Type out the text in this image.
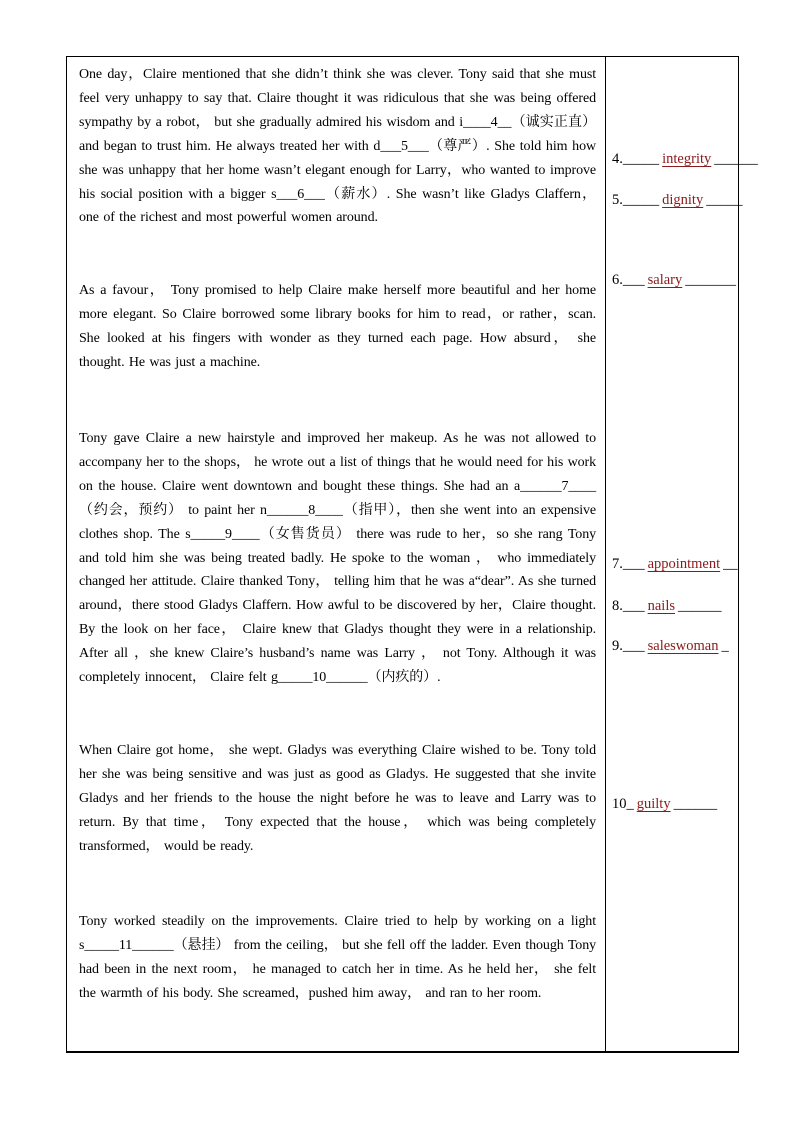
One day，Claire mentioned that she didn’t think she was clever. Tony said that she must feel very unhappy to say that. Claire thought it was ridiculous that she was being offered sympathy by a robot， but she gradually admired his wisdom and i____4__（诚实正直） and began to trust him. He always treated her with d___5___（尊严）. She told him how she was unhappy that her home wasn’t elegant enough for Larry，who wanted to improve his social position with a bigger s___6___（薪水）. She wasn’t like Gladys Claffern， one of the richest and most powerful women around.

As a favour， Tony promised to help Claire make herself more beautiful and her home more elegant. So Claire borrowed some library books for him to read，or rather，scan. She looked at his fingers with wonder as they turned each page. How absurd， she thought. He was just a machine.

Tony gave Claire a new hairstyle and improved her makeup. As he was not allowed to accompany her to the shops， he wrote out a list of things that he would need for his work on the house. Claire went downtown and bought these things. She had an a______7____（约会，预约） to paint her n______8____（指甲），then she went into an expensive clothes shop. The s_____9____（女售货员） there was rude to her，so she rang Tony and told him she was being treated badly. He spoke to the woman ， who immediately changed her attitude. Claire thanked Tony， telling him that he was a“dear”. As she turned around，there stood Gladys Claffern. How awful to be discovered by her，Claire thought. By the look on her face， Claire knew that Gladys thought they were in a relationship. After all ，she knew Claire’s husband’s name was Larry ， not Tony. Although it was completely innocent， Claire felt g_____10______（内疚的）.

When Claire got home， she wept. Gladys was everything Claire wished to be. Tony told her she was being sensitive and was just as good as Gladys. He suggested that she invite Gladys and her friends to the house the night before he was to leave and Larry was to return. By that time， Tony expected that the house， which was being completely transformed， would be ready.

Tony worked steadily on the improvements. Claire tried to help by working on a light s_____11______（悬挂） from the ceiling， but she fell off the ladder. Even though Tony had been in the next room， he managed to catch her in time. As he held her， she felt the warmth of his body. She screamed，pushed him away， and ran to her room.

4._____ integrity ______
5._____ dignity _____
6.___ salary _______
7.___ appointment __
8.___ nails ______
9.___ saleswoman _
10_ guilty ______
